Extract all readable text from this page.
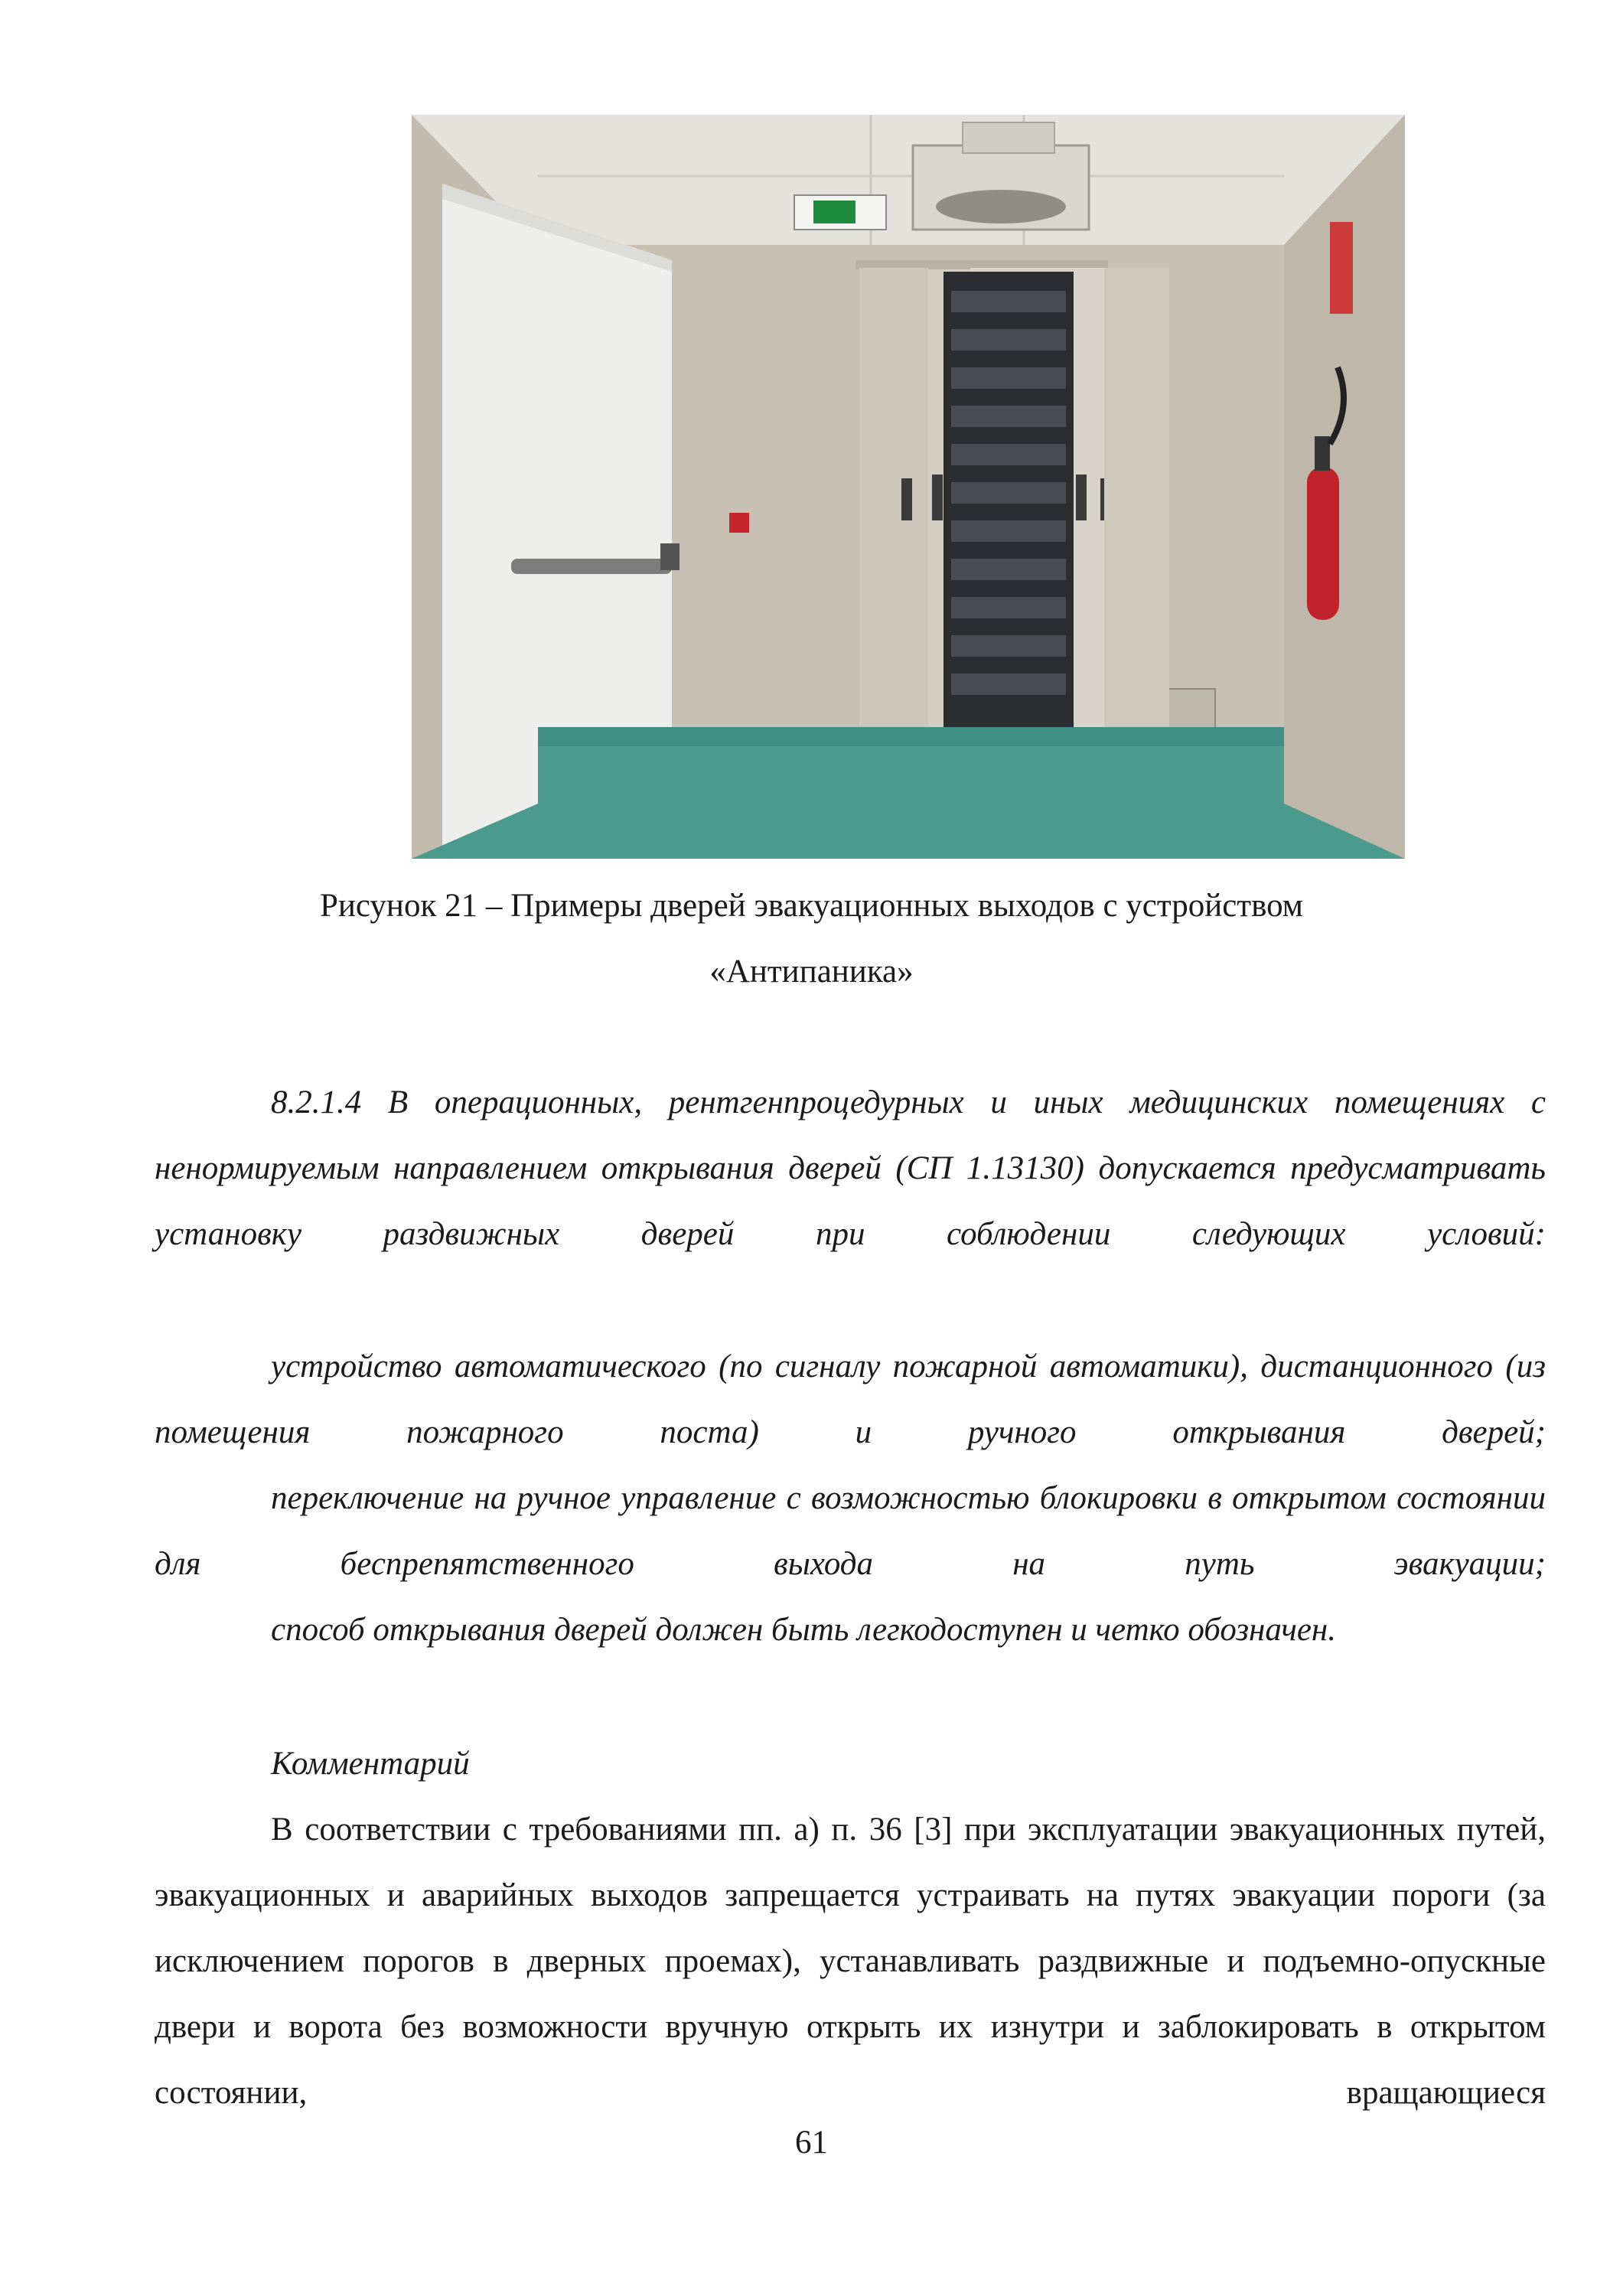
Рисунок 21 – Примеры дверей эвакуационных выходов с устройством
«Антипаника»

8.2.1.4 В операционных, рентгенпроцедурных и иных медицинских помещениях с ненормируемым направлением открывания дверей (СП 1.13130) допускается предусматривать установку раздвижных дверей при соблюдении следующих условий:

устройство автоматического (по сигналу пожарной автоматики), дистанционного (из помещения пожарного поста) и ручного открывания дверей;

переключение на ручное управление с возможностью блокировки в открытом состоянии для беспрепятственного выхода на путь эвакуации;

способ открывания дверей должен быть легкодоступен и четко обозначен.

Комментарий

В соответствии с требованиями пп. а) п. 36 [3] при эксплуатации эвакуационных путей, эвакуационных и аварийных выходов запрещается устраивать на путях эвакуации пороги (за исключением порогов в дверных проемах), устанавливать раздвижные и подъемно-опускные двери и ворота без возможности вручную открыть их изнутри и заблокировать в открытом состоянии, вращающиеся

61
